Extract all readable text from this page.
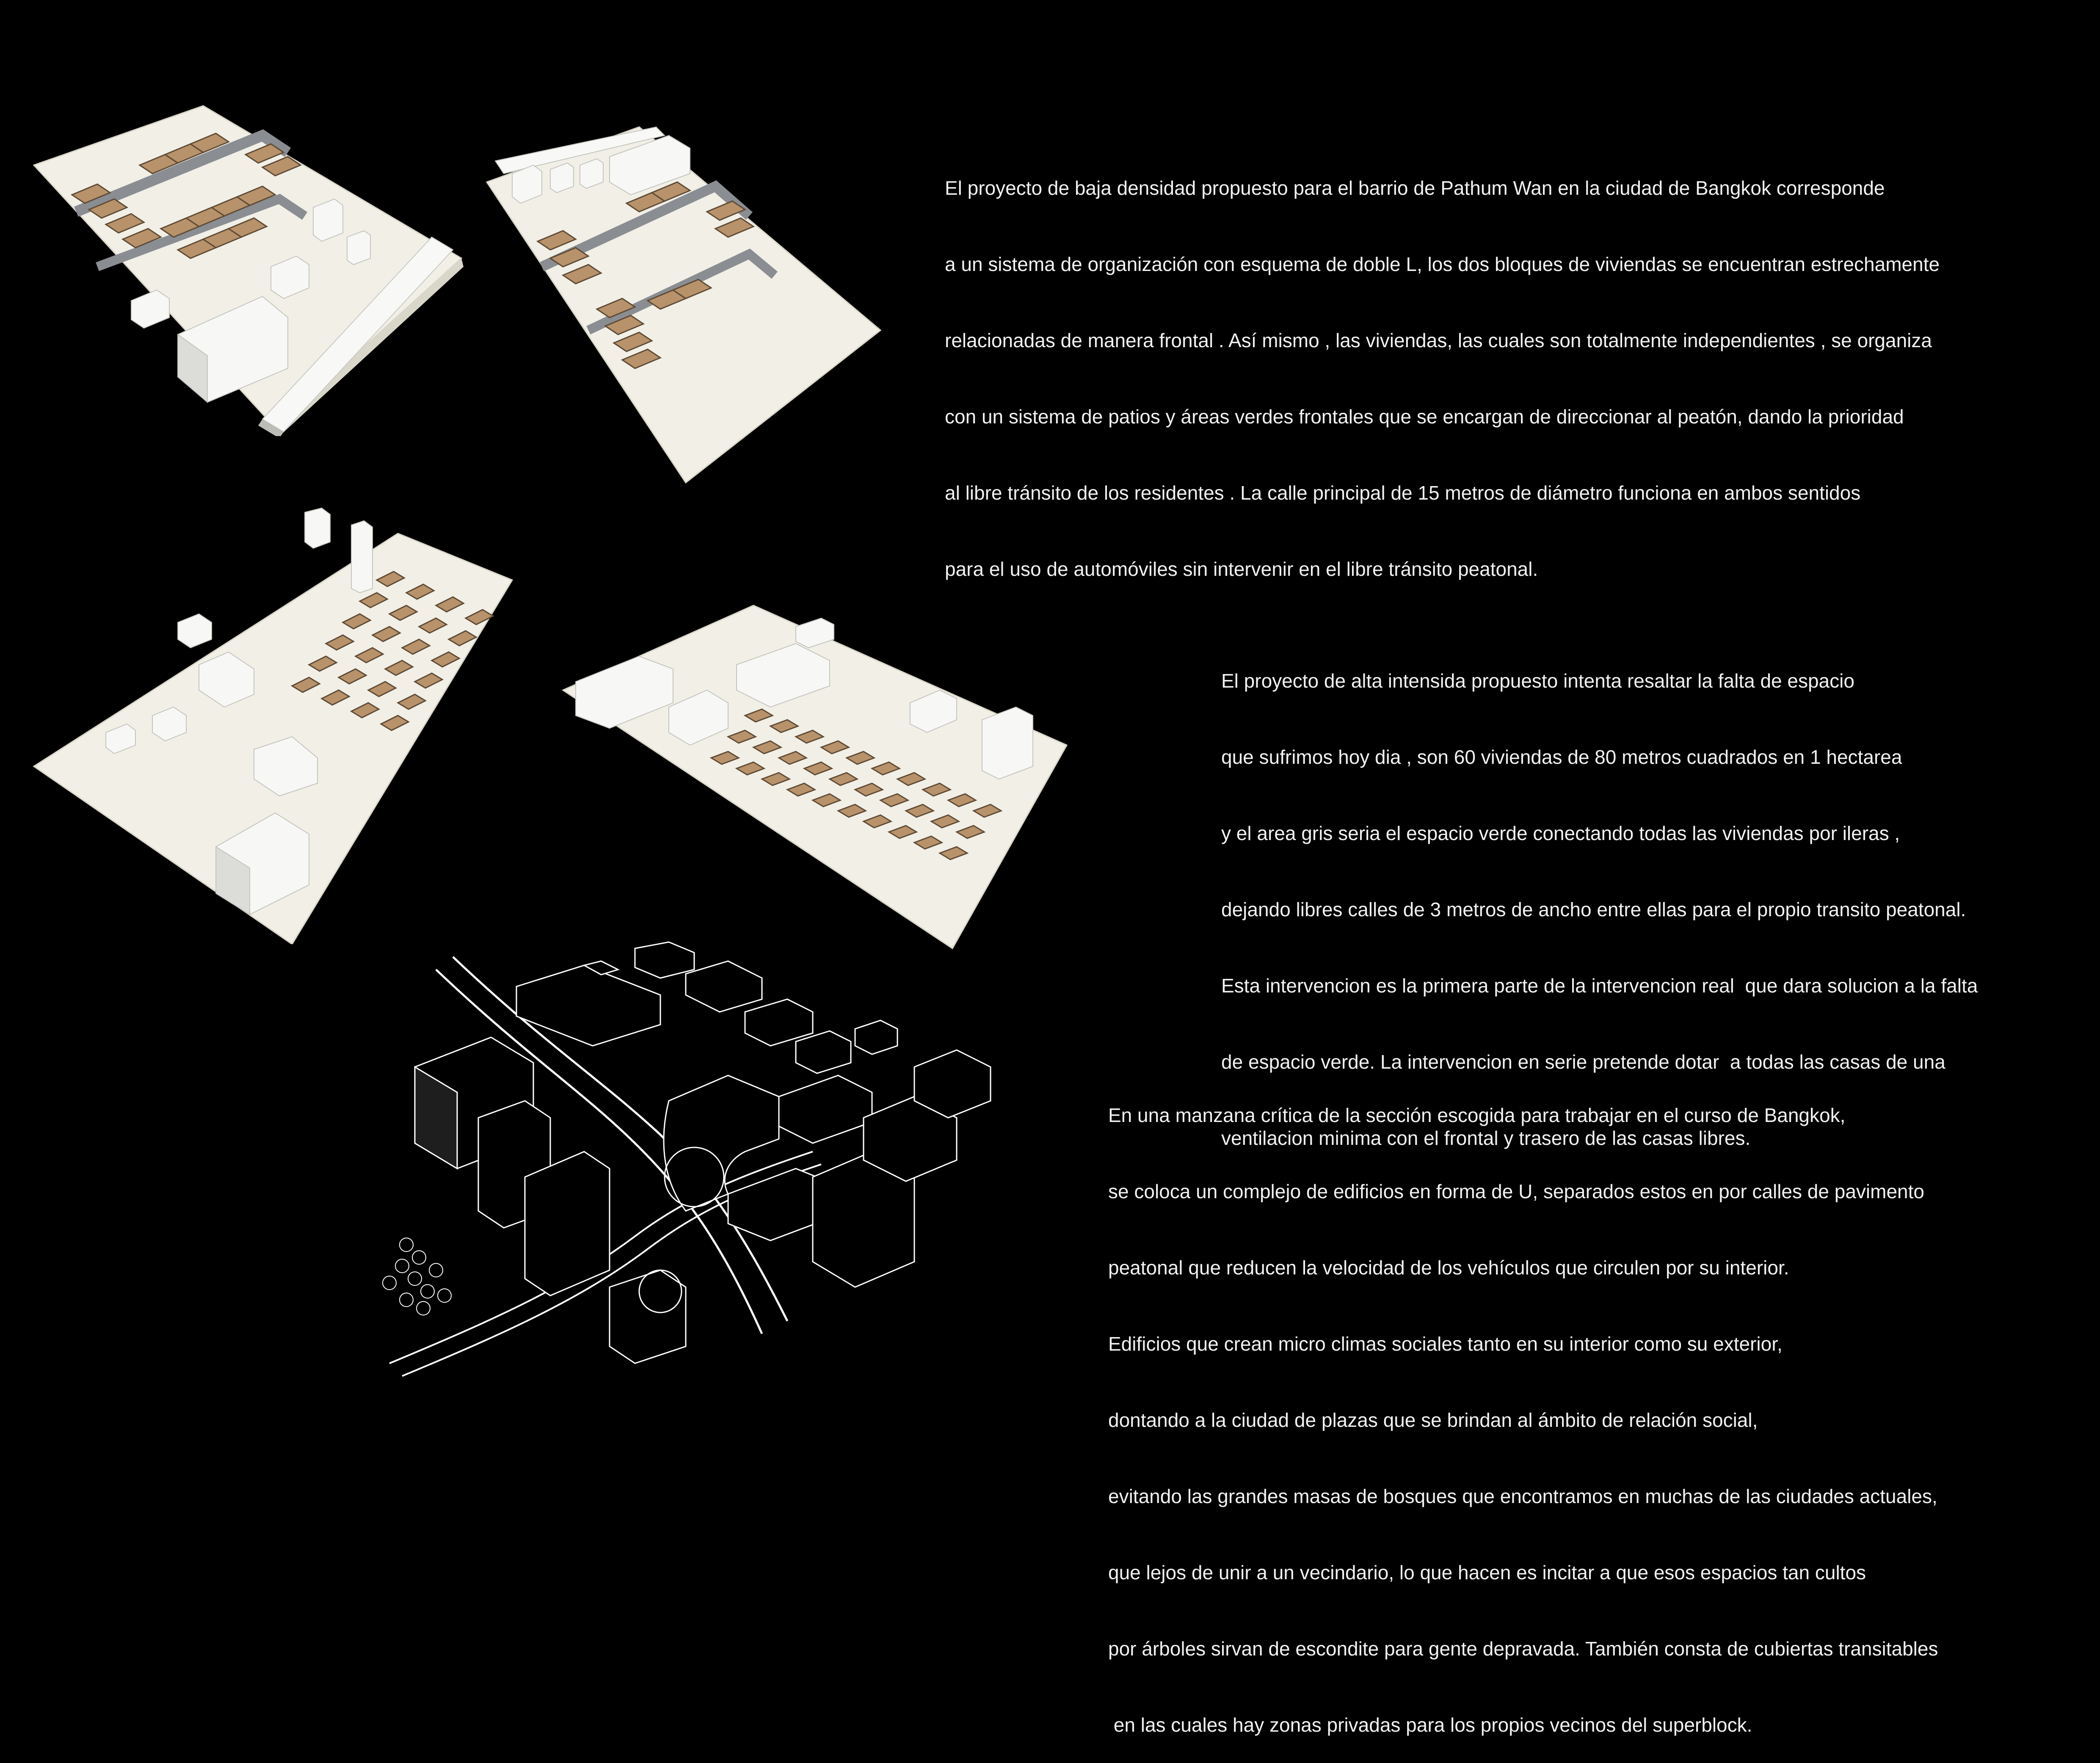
El proyecto de baja densidad propuesto para el barrio de Pathum Wan en la ciudad de Bangkok corresponde

a un sistema de organización con esquema de doble L, los dos bloques de viviendas se encuentran estrechamente

relacionadas de manera frontal . Así mismo , las viviendas, las cuales son totalmente independientes , se organiza

con un sistema de patios y áreas verdes frontales que se encargan de direccionar al peatón, dando la prioridad

al libre tránsito de los residentes . La calle principal de 15 metros de diámetro funciona en ambos sentidos

para el uso de automóviles sin intervenir en el libre tránsito peatonal.

El proyecto de alta intensida propuesto intenta resaltar la falta de espacio

que sufrimos hoy dia , son 60 viviendas de 80 metros cuadrados en 1 hectarea

y el area gris seria el espacio verde conectando todas las viviendas por ileras ,

dejando libres calles de 3 metros de ancho entre ellas para el propio transito peatonal.

Esta intervencion es la primera parte de la intervencion real  que dara solucion a la falta

de espacio verde. La intervencion en serie pretende dotar  a todas las casas de una

ventilacion minima con el frontal y trasero de las casas libres.

En una manzana crítica de la sección escogida para trabajar en el curso de Bangkok,

se coloca un complejo de edificios en forma de U, separados estos en por calles de pavimento

peatonal que reducen la velocidad de los vehículos que circulen por su interior.

Edificios que crean micro climas sociales tanto en su interior como su exterior,

dontando a la ciudad de plazas que se brindan al ámbito de relación social,

evitando las grandes masas de bosques que encontramos en muchas de las ciudades actuales,

que lejos de unir a un vecindario, lo que hacen es incitar a que esos espacios tan cultos

por árboles sirvan de escondite para gente depravada. También consta de cubiertas transitables

en las cuales hay zonas privadas para los propios vecinos del superblock.
